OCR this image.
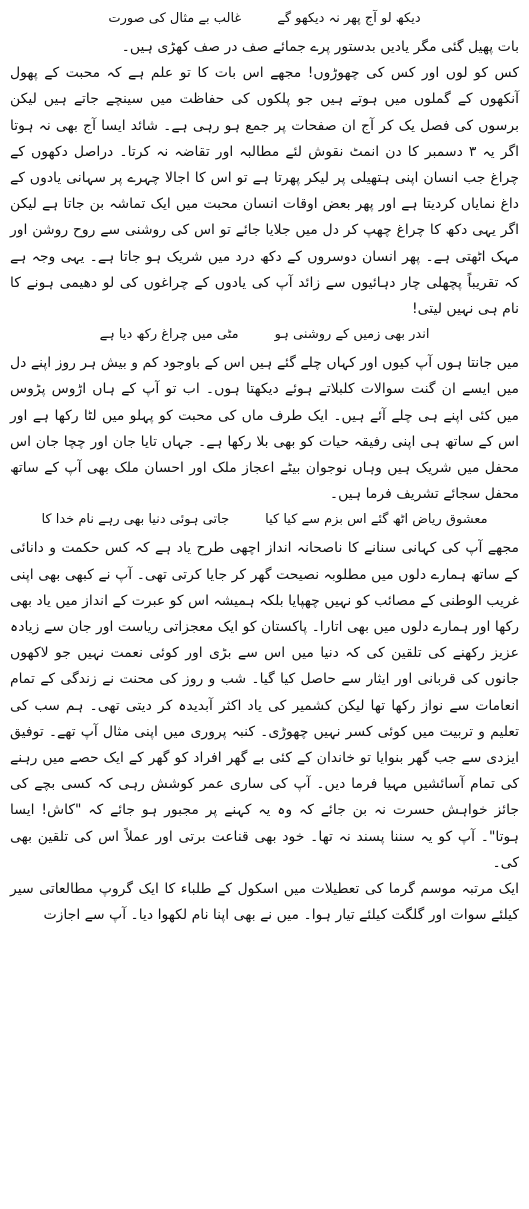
دیکھ لو آج پھر نہ دیکھو گے
غالب بے مثال کی صورت

بات پھیل گئی مگر یادیں بدستور پرے جمائے صف در صف کھڑی ہیں۔

کس کو لوں اور کس کی چھوڑوں! مجھے اس بات کا تو علم ہے کہ محبت کے پھول آنکھوں کے گملوں میں ہوتے ہیں جو پلکوں کی حفاظت میں سینچے جاتے ہیں لیکن برسوں کی فصل یک کر آج ان صفحات پر جمع ہو رہی ہے۔ شائد ایسا آج بھی نہ ہوتا اگر یہ ۳ دسمبر کا دن انمٹ نقوش لئے مطالبہ اور تقاضہ نہ کرتا۔ دراصل دکھوں کے چراغ جب انسان اپنی ہتھیلی پر لیکر پھرتا ہے تو اس کا اجالا چہرے پر سہانی یادوں کے داغ نمایاں کردیتا ہے اور پھر بعض اوقات انسان محبت میں ایک تماشہ بن جاتا ہے لیکن اگر یہی دکھ کا چراغ چھپ کر دل میں جلایا جائے تو اس کی روشنی سے روح روشن اور مہک اٹھتی ہے۔ پھر انسان دوسروں کے دکھ درد میں شریک ہو جاتا ہے۔ یہی وجہ ہے کہ تقریباً پچھلی چار دہائیوں سے زائد آپ کی یادوں کے چراغوں کی لو دھیمی ہونے کا نام ہی نہیں لیتی!

اندر بھی زمیں کے روشنی ہو
مٹی میں چراغ رکھ دیا ہے

میں جانتا ہوں آپ کیوں اور کہاں چلے گئے ہیں اس کے باوجود کم و بیش ہر روز اپنے دل میں ایسے ان گنت سوالات کلبلاتے ہوئے دیکھتا ہوں۔ اب تو آپ کے ہاں اڑوس پڑوس میں کئی اپنے ہی چلے آئے ہیں۔ ایک طرف ماں کی محبت کو پہلو میں لٹا رکھا ہے اور اس کے ساتھ ہی اپنی رفیقہ حیات کو بھی بلا رکھا ہے۔ جہاں تایا جان اور چچا جان اس محفل میں شریک ہیں وہاں نوجوان بیٹے اعجاز ملک اور احسان ملک بھی آپ کے ساتھ محفل سجائے تشریف فرما ہیں۔

معشوق ریاض اٹھ گئے اس بزم سے کیا کیا
جاتی ہوئی دنیا بھی رہے نام خدا کا

مجھے آپ کی کہانی سنانے کا ناصحانہ انداز اچھی طرح یاد ہے کہ کس حکمت و دانائی کے ساتھ ہمارے دلوں میں مطلوبہ نصیحت گھر کر جایا کرتی تھی۔ آپ نے کبھی بھی اپنی غریب الوطنی کے مصائب کو نہیں چھپایا بلکہ ہمیشہ اس کو عبرت کے انداز میں یاد بھی رکھا اور ہمارے دلوں میں بھی اتارا۔ پاکستان کو ایک معجزاتی ریاست اور جان سے زیادہ عزیز رکھنے کی تلقین کی کہ دنیا میں اس سے بڑی اور کوئی نعمت نہیں جو لاکھوں جانوں کی قربانی اور ایثار سے حاصل کیا گیا۔ شب و روز کی محنت نے زندگی کے تمام انعامات سے نواز رکھا تھا لیکن کشمیر کی یاد اکثر آبدیدہ کر دیتی تھی۔ ہم سب کی تعلیم و تربیت میں کوئی کسر نہیں چھوڑی۔ کنبہ پروری میں اپنی مثال آپ تھے۔ توفیق ایزدی سے جب گھر بنوایا تو خاندان کے کئی بے گھر افراد کو گھر کے ایک حصے میں رہنے کی تمام آسائشیں مہیا فرما دیں۔ آپ کی ساری عمر کوشش رہی کہ کسی بچے کی جائز خواہش حسرت نہ بن جائے کہ وہ یہ کہنے پر مجبور ہو جائے کہ "کاش! ایسا ہوتا"۔ آپ کو یہ سننا پسند نہ تھا۔ خود بھی قناعت برتی اور عملاً اس کی تلقین بھی کی۔

ایک مرتبہ موسم گرما کی تعطیلات میں اسکول کے طلباء کا ایک گروپ مطالعاتی سیر کیلئے سوات اور گلگت کیلئے تیار ہوا۔ میں نے بھی اپنا نام لکھوا دیا۔ آپ سے اجازت
